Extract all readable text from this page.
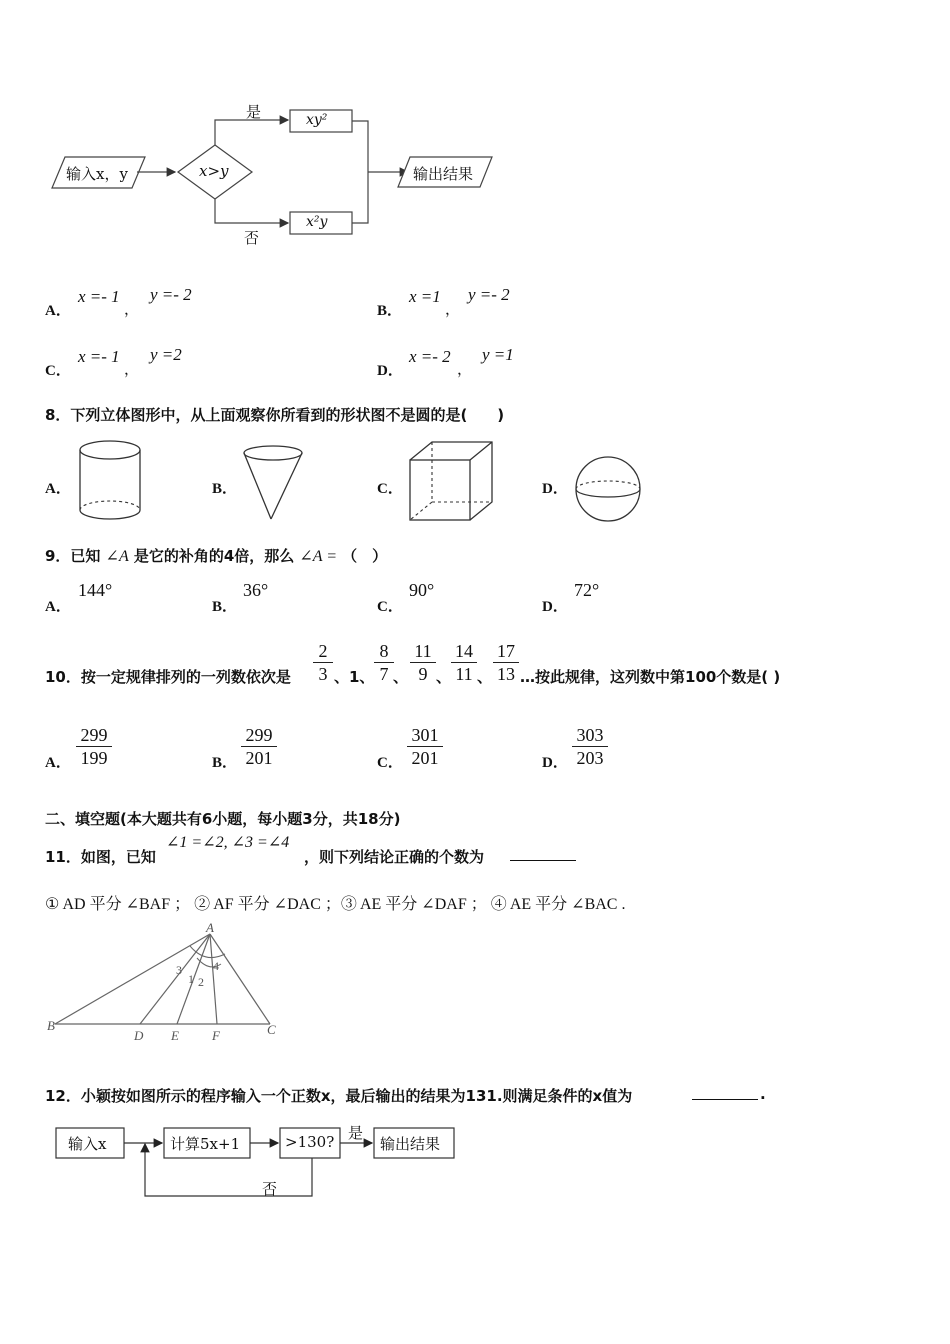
输入x，y	x>y
是
否
xy²
x²y
输出结果
A．
x =- 1
，
y =- 2
B．
x =1
，
y =- 2
C．
x =- 1
，
y =2
D．
x =- 2
，
y =1
8．下列立体图形中，从上面观察你所看到的形状图不是圆的是(　　)
A．	B．	C．	D．
9．已知 ∠A 是它的补角的4倍，那么 ∠A = （　）
A．
144°
B．
36°
C．
90°
D．
72°
10．按一定规律排列的一列数依次是 $\frac{2}{3}$ 、1、 $\frac{8}{7}$ 、 $\frac{11}{9}$ 、 $\frac{14}{11}$ 、 $\frac{17}{13}$ …按此规律，这列数中第100个数是( )
A． $\frac{299}{199}$	B． $\frac{299}{201}$	C． $\frac{301}{201}$	D． $\frac{303}{203}$
二、填空题(本大题共有6小题，每小题3分，共18分)
11．如图，已知
∠1 =∠2, ∠3 =∠4
，则下列结论正确的个数为
① AD 平分 ∠BAF ； ② AF 平分 ∠DAC ；③ AE 平分 ∠DAF ； ④ AE 平分 ∠BAC .
A
B	C
D E	F
1 2
3	4
12．小颖按如图所示的程序输入一个正数x，最后输出的结果为131.则满足条件的x值为	.
输入x	计算5x+1	>130? 是
输出结果
否
